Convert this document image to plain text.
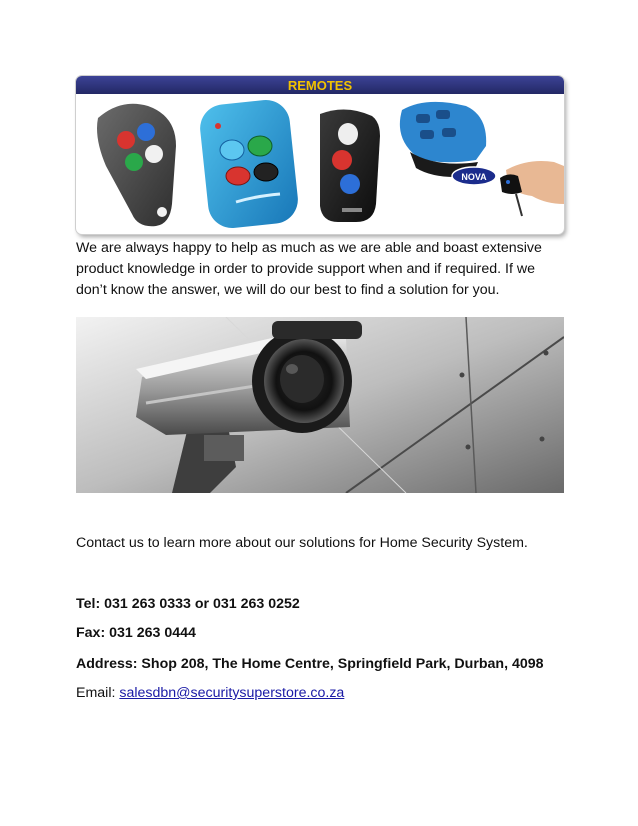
REMOTES
NOVA

We are always happy to help as much as we are able and boast extensive product knowledge in order to provide support when and if required. If we don’t know the answer, we will do our best to find a solution for you.

Contact us to learn more about our solutions for Home Security System.

Tel: 031 263 0333 or 031 263 0252

Fax: 031 263 0444

Address: Shop 208, The Home Centre, Springfield Park, Durban, 4098

Email: salesdbn@securitysuperstore.co.za
